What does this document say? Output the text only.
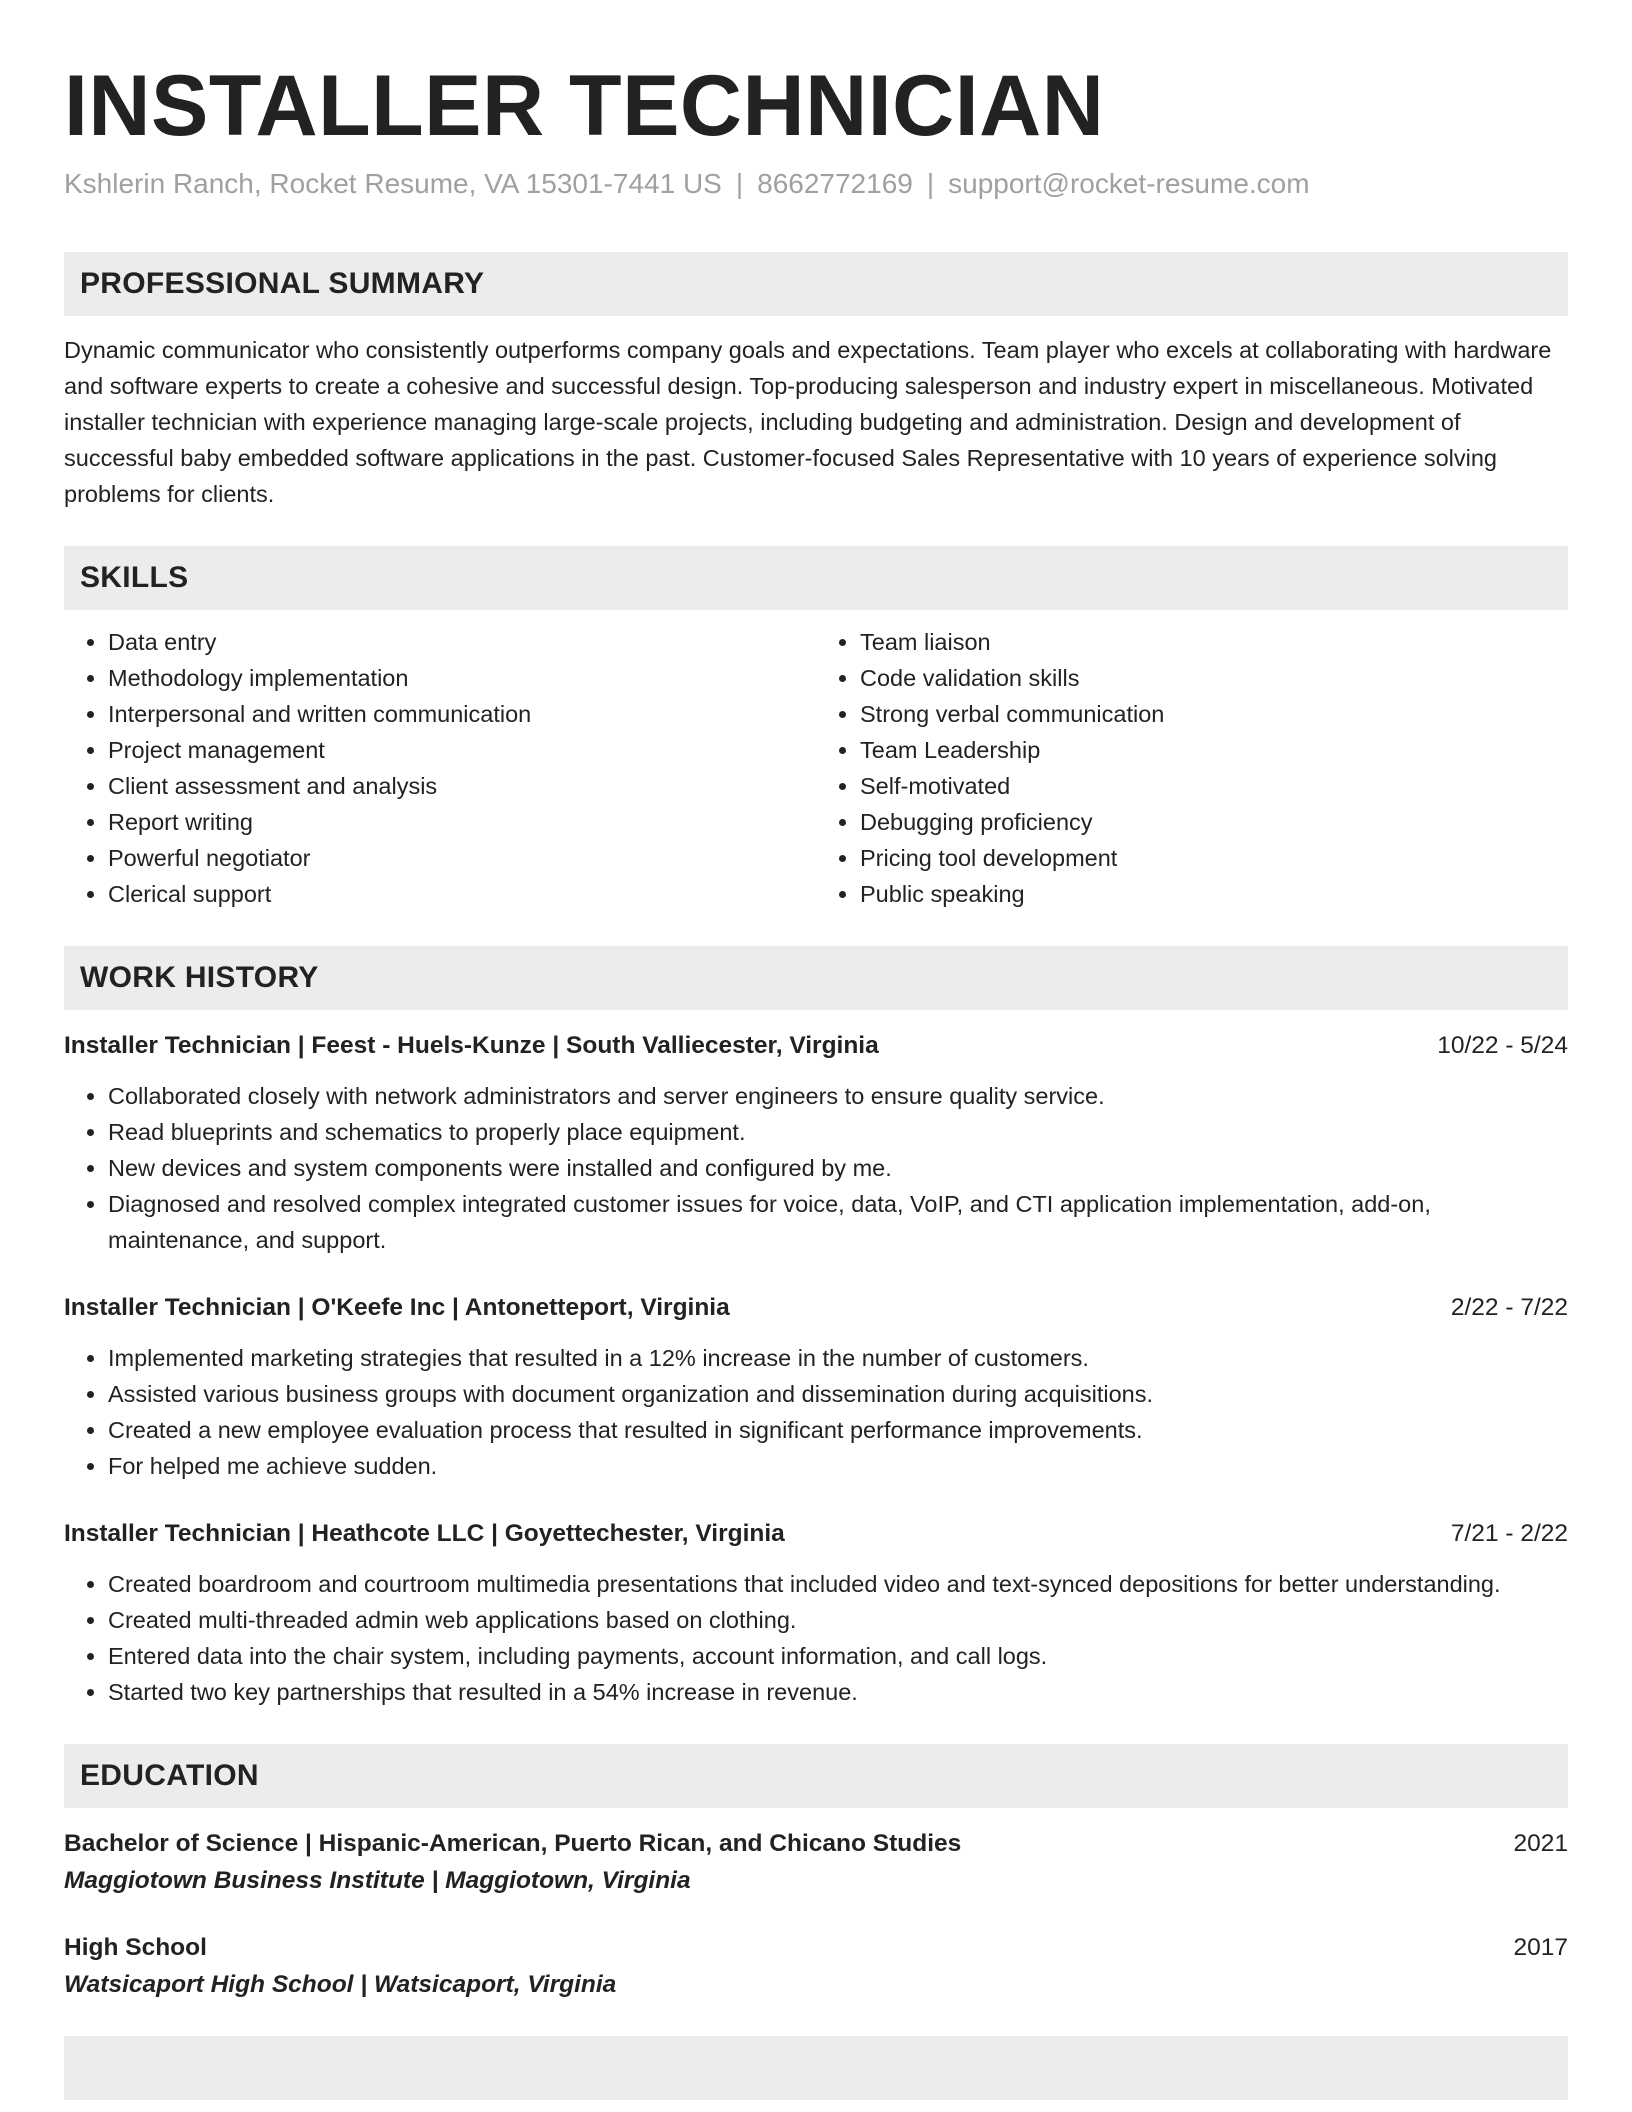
INSTALLER TECHNICIAN
Kshlerin Ranch, Rocket Resume, VA 15301-7441 US | 8662772169 | support@rocket-resume.com
PROFESSIONAL SUMMARY

Dynamic communicator who consistently outperforms company goals and expectations. Team player who excels at collaborating with hardware and software experts to create a cohesive and successful design. Top-producing salesperson and industry expert in miscellaneous. Motivated installer technician with experience managing large-scale projects, including budgeting and administration. Design and development of successful baby embedded software applications in the past. Customer-focused Sales Representative with 10 years of experience solving problems for clients.

SKILLS
• Data entry
• Methodology implementation
• Interpersonal and written communication
• Project management
• Client assessment and analysis
• Report writing
• Powerful negotiator
• Clerical support
• Team liaison
• Code validation skills
• Strong verbal communication
• Team Leadership
• Self-motivated
• Debugging proficiency
• Pricing tool development
• Public speaking
WORK HISTORY
Installer Technician | Feest - Huels-Kunze | South Valliecester, Virginia	10/22 - 5/24
• Collaborated closely with network administrators and server engineers to ensure quality service.
• Read blueprints and schematics to properly place equipment.
• New devices and system components were installed and configured by me.
• Diagnosed and resolved complex integrated customer issues for voice, data, VoIP, and CTI application implementation, add-on, maintenance, and support.
Installer Technician | O'Keefe Inc | Antonetteport, Virginia	2/22 - 7/22
• Implemented marketing strategies that resulted in a 12% increase in the number of customers.
• Assisted various business groups with document organization and dissemination during acquisitions.
• Created a new employee evaluation process that resulted in significant performance improvements.
• For helped me achieve sudden.
Installer Technician | Heathcote LLC | Goyettechester, Virginia	7/21 - 2/22
• Created boardroom and courtroom multimedia presentations that included video and text-synced depositions for better understanding.
• Created multi-threaded admin web applications based on clothing.
• Entered data into the chair system, including payments, account information, and call logs.
• Started two key partnerships that resulted in a 54% increase in revenue.
EDUCATION
Bachelor of Science | Hispanic-American, Puerto Rican, and Chicano Studies	2021
Maggiotown Business Institute | Maggiotown, Virginia
High School	2017
Watsicaport High School | Watsicaport, Virginia
